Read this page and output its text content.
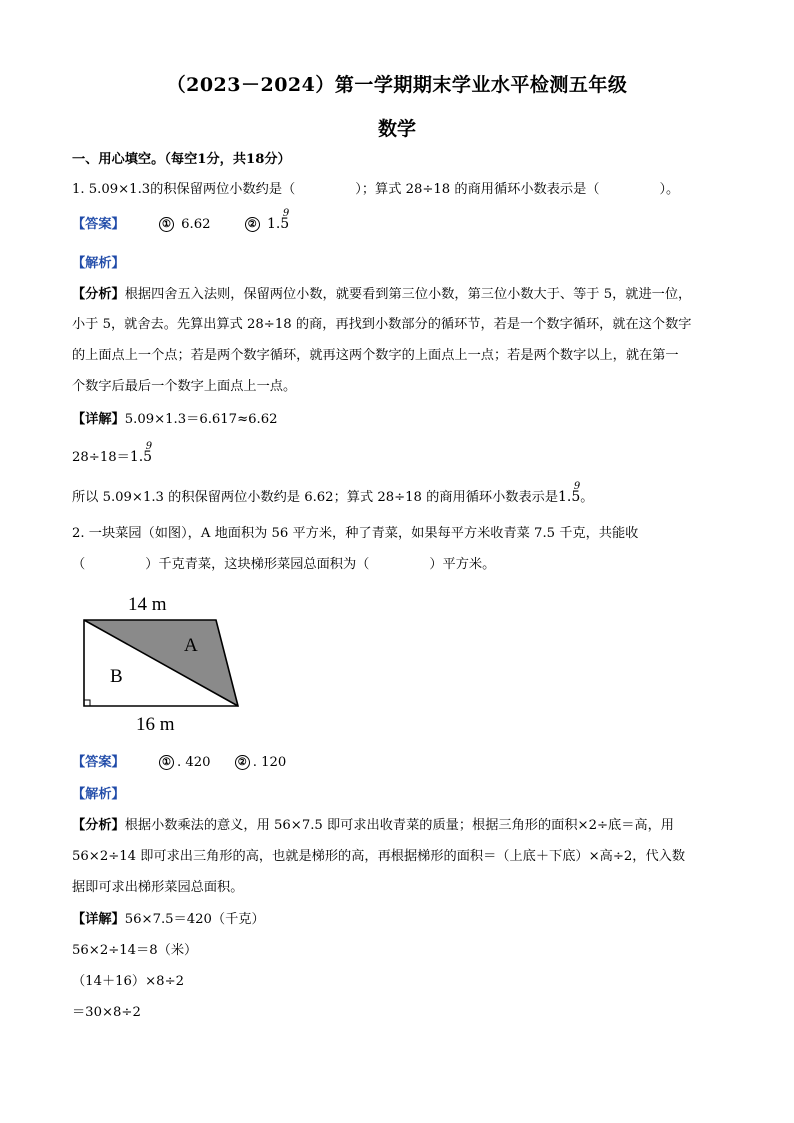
（2023－2024）第一学期期末学业水平检测五年级
数学
一、用心填空。（每空1分，共18分）
1. 5.09×1.3的积保留两位小数约是（	）；算式 28÷18 的商用循环小数表示是（	）。
【答案】	① 6.62	② 1.5
9
【解析】
【分析】根据四舍五入法则，保留两位小数，就要看到第三位小数，第三位小数大于、等于 5，就进一位，
小于 5，就舍去。先算出算式 28÷18 的商，再找到小数部分的循环节，若是一个数字循环，就在这个数字
的上面点上一个点；若是两个数字循环，就再这两个数字的上面点上一点；若是两个数字以上，就在第一
个数字后最后一个数字上面点上一点。
【详解】5.09×1.3＝6.617≈6.62
28÷18＝1.5
9
所以 5.09×1.3 的积保留两位小数约是 6.62；算式 28÷18 的商用循环小数表示是1.5
9
。
2. 一块菜园（如图），A 地面积为 56 平方米，种了青菜，如果每平方米收青菜 7.5 千克，共能收
（	）千克青菜，这块梯形菜园总面积为（	）平方米。
14 m
16 m
A
B
【答案】	① . 420	② . 120
【解析】
【分析】根据小数乘法的意义，用 56×7.5 即可求出收青菜的质量；根据三角形的面积×2÷底＝高，用
56×2÷14 即可求出三角形的高，也就是梯形的高，再根据梯形的面积＝（上底＋下底）×高÷2，代入数
据即可求出梯形菜园总面积。
【详解】56×7.5＝420（千克）
56×2÷14＝8（米）
（14＋16）×8÷2
＝30×8÷2
